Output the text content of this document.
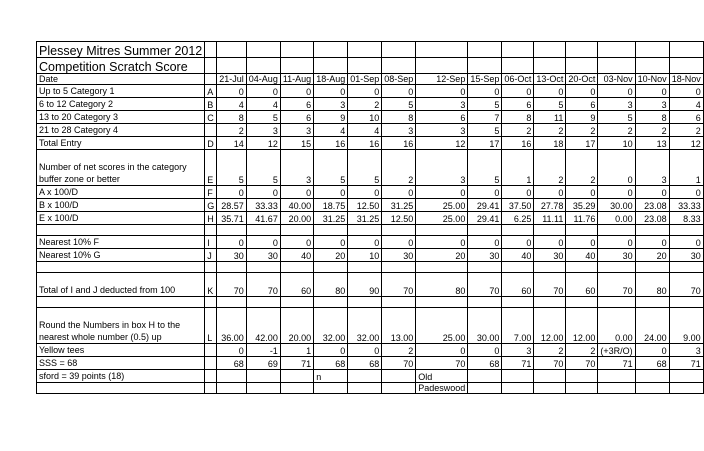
Plessey Mitres Summer 2012															
Competition Scratch Score															
Date		21-Jul	04-Aug	11-Aug	18-Aug	01-Sep	08-Sep	12-Sep	15-Sep	06-Oct	13-Oct	20-Oct	03-Nov	10-Nov	18-Nov
Up to 5 Category 1	A	0	0	0	0	0	0	0	0	0	0	0	0	0	0
6 to 12 Category 2	B	4	4	6	3	2	5	3	5	6	5	6	3	3	4
13 to 20 Category 3	C	8	5	6	9	10	8	6	7	8	11	9	5	8	6
21 to 28 Category 4		2	3	3	4	4	3	3	5	2	2	2	2	2	2
Total Entry	D	14	12	15	16	16	16	12	17	16	18	17	10	13	12
Number of net scores in the category buffer zone or better	E	5	5	3	5	5	2	3	5	1	2	2	0	3	1
A x 100/D	F	0	0	0	0	0	0	0	0	0	0	0	0	0	0
B x 100/D	G	28.57	33.33	40.00	18.75	12.50	31.25	25.00	29.41	37.50	27.78	35.29	30.00	23.08	33.33
E x 100/D	H	35.71	41.67	20.00	31.25	31.25	12.50	25.00	29.41	6.25	11.11	11.76	0.00	23.08	8.33

Nearest 10% F	I	0	0	0	0	0	0	0	0	0	0	0	0	0	0
Nearest 10% G	J	30	30	40	20	10	30	20	30	40	30	40	30	20	30

Total of I and J deducted from 100	K	70	70	60	80	90	70	80	70	60	70	60	70	80	70

Round the Numbers in box H to the nearest whole number (0.5) up	L	36.00	42.00	20.00	32.00	32.00	13.00	25.00	30.00	7.00	12.00	12.00	0.00	24.00	9.00
Yellow tees		0	-1	1	0	0	2	0	0	3	2	2	(+3R/O)	0	3
SSS = 68		68	69	71	68	68	70	70	68	71	70	70	71	68	71
sford = 39 points (18)					n			Old							
								Padeswood							
